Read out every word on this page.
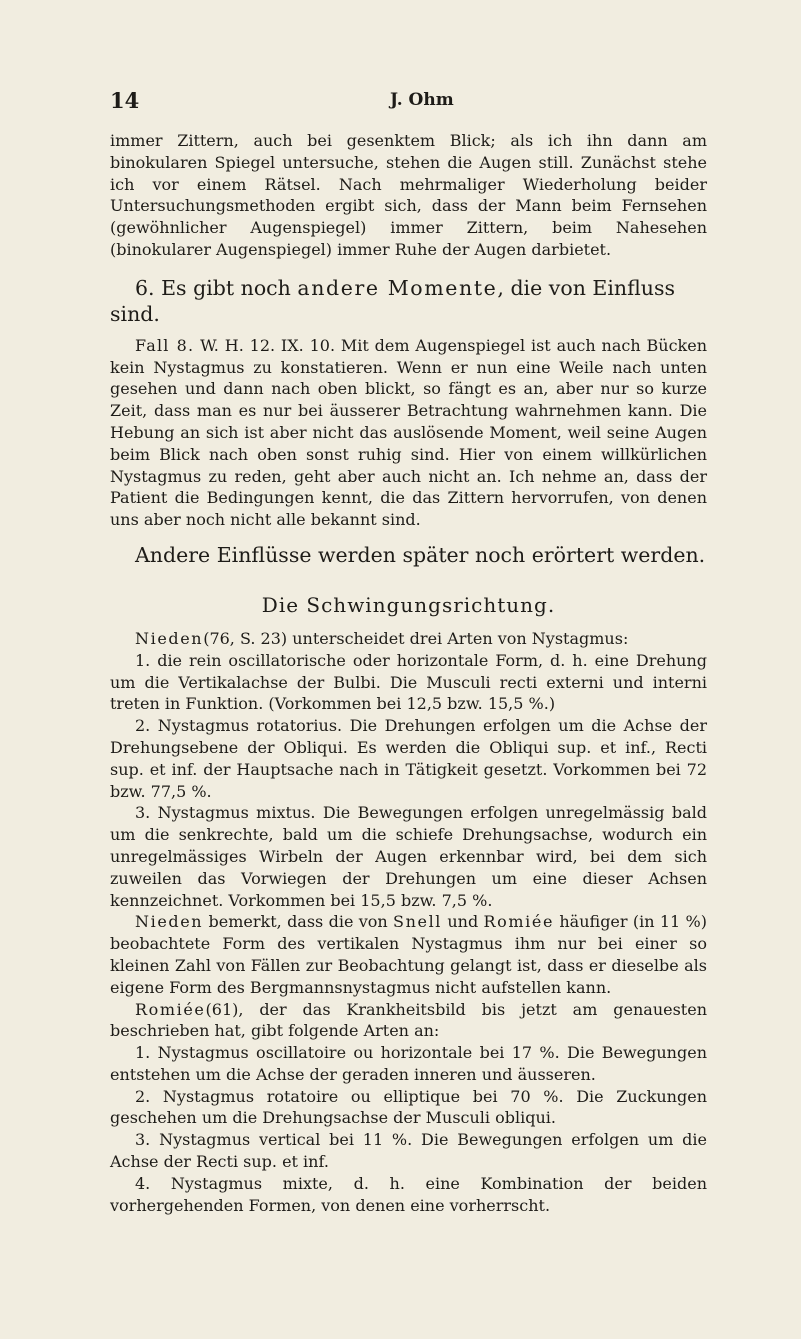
14	J. Ohm

immer Zittern, auch bei gesenktem Blick; als ich ihn dann am binokularen Spiegel untersuche, stehen die Augen still. Zunächst stehe ich vor einem Rätsel. Nach mehrmaliger Wiederholung beider Untersuchungsmethoden ergibt sich, dass der Mann beim Fernsehen (gewöhnlicher Augenspiegel) immer Zittern, beim Nahesehen (binokularer Augenspiegel) immer Ruhe der Augen darbietet.

6. Es gibt noch andere Momente, die von Einfluss sind.

Fall 8. W. H. 12. IX. 10. Mit dem Augenspiegel ist auch nach Bücken kein Nystagmus zu konstatieren. Wenn er nun eine Weile nach unten gesehen und dann nach oben blickt, so fängt es an, aber nur so kurze Zeit, dass man es nur bei äusserer Betrachtung wahrnehmen kann. Die Hebung an sich ist aber nicht das auslösende Moment, weil seine Augen beim Blick nach oben sonst ruhig sind. Hier von einem willkürlichen Nystagmus zu reden, geht aber auch nicht an. Ich nehme an, dass der Patient die Bedingungen kennt, die das Zittern hervorrufen, von denen uns aber noch nicht alle bekannt sind.

Andere Einflüsse werden später noch erörtert werden.
Die Schwingungsrichtung.

Nieden(76, S. 23) unterscheidet drei Arten von Nystagmus:

1. die rein oscillatorische oder horizontale Form, d. h. eine Drehung um die Vertikalachse der Bulbi. Die Musculi recti externi und interni treten in Funktion. (Vorkommen bei 12,5 bzw. 15,5 %.)

2. Nystagmus rotatorius. Die Drehungen erfolgen um die Achse der Drehungsebene der Obliqui. Es werden die Obliqui sup. et inf., Recti sup. et inf. der Hauptsache nach in Tätigkeit gesetzt. Vorkommen bei 72 bzw. 77,5 %.

3. Nystagmus mixtus. Die Bewegungen erfolgen unregelmässig bald um die senkrechte, bald um die schiefe Drehungsachse, wodurch ein unregelmässiges Wirbeln der Augen erkennbar wird, bei dem sich zuweilen das Vorwiegen der Drehungen um eine dieser Achsen kennzeichnet. Vorkommen bei 15,5 bzw. 7,5 %.

Nieden bemerkt, dass die von Snell und Romiée häufiger (in 11 %) beobachtete Form des vertikalen Nystagmus ihm nur bei einer so kleinen Zahl von Fällen zur Beobachtung gelangt ist, dass er dieselbe als eigene Form des Bergmannsnystagmus nicht aufstellen kann.

Romiée(61), der das Krankheitsbild bis jetzt am genauesten beschrieben hat, gibt folgende Arten an:

1. Nystagmus oscillatoire ou horizontale bei 17 %. Die Bewegungen entstehen um die Achse der geraden inneren und äusseren.

2. Nystagmus rotatoire ou elliptique bei 70 %. Die Zuckungen geschehen um die Drehungsachse der Musculi obliqui.

3. Nystagmus vertical bei 11 %. Die Bewegungen erfolgen um die Achse der Recti sup. et inf.

4. Nystagmus mixte, d. h. eine Kombination der beiden vorhergehenden Formen, von denen eine vorherrscht.
